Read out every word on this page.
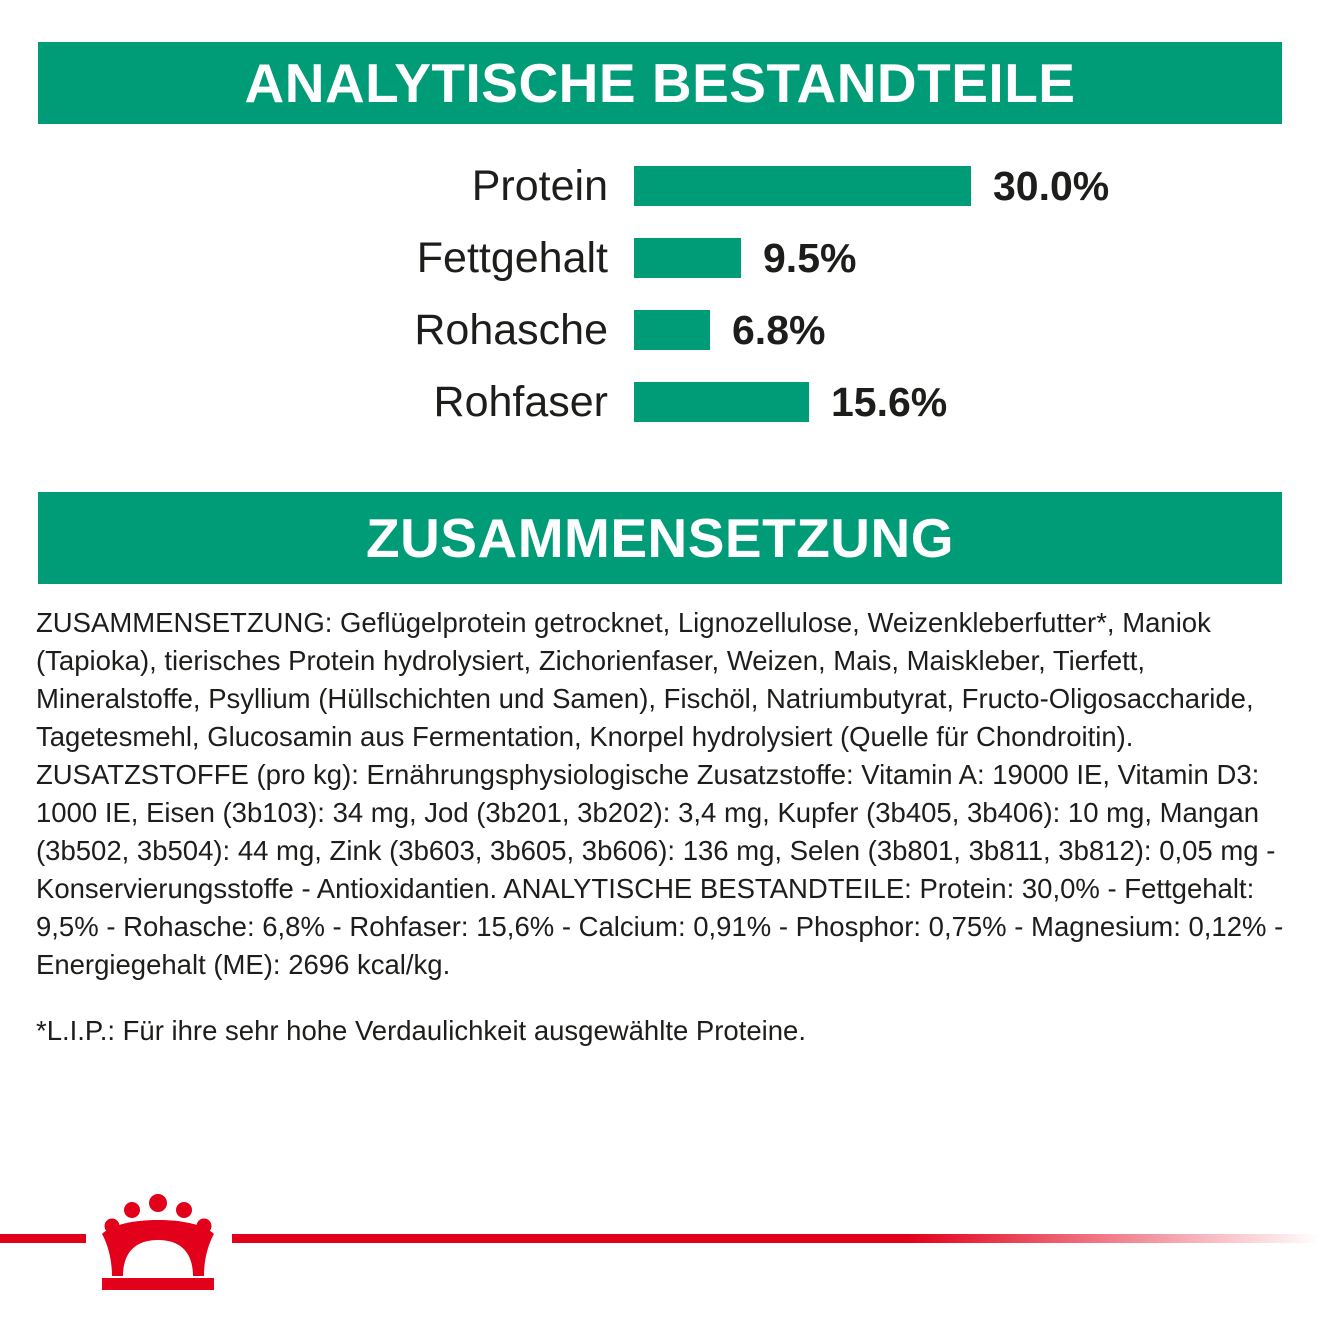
ANALYTISCHE BESTANDTEILE
Protein	30.0%
Fettgehalt	9.5%
Rohasche	6.8%
Rohfaser	15.6%
ZUSAMMENSETZUNG

ZUSAMMENSETZUNG: Geflügelprotein getrocknet, Lignozellulose, Weizenkleberfutter*, Maniok (Tapioka), tierisches Protein hydrolysiert, Zichorienfaser, Weizen, Mais, Maiskleber, Tierfett, Mineralstoffe, Psyllium (Hüllschichten und Samen), Fischöl, Natriumbutyrat, Fructo-Oligosaccharide, Tagetesmehl, Glucosamin aus Fermentation, Knorpel hydrolysiert (Quelle für Chondroitin). ZUSATZSTOFFE (pro kg): Ernährungsphysiologische Zusatzstoffe: Vitamin A: 19000 IE, Vitamin D3: 1000 IE, Eisen (3b103): 34 mg, Jod (3b201, 3b202): 3,4 mg, Kupfer (3b405, 3b406): 10 mg, Mangan (3b502, 3b504): 44 mg, Zink (3b603, 3b605, 3b606): 136 mg, Selen (3b801, 3b811, 3b812): 0,05 mg - Konservierungsstoffe - Antioxidantien. ANALYTISCHE BESTANDTEILE: Protein: 30,0% - Fettgehalt: 9,5% - Rohasche: 6,8% - Rohfaser: 15,6% - Calcium: 0,91% - Phosphor: 0,75% - Magnesium: 0,12% - Energiegehalt (ME): 2696 kcal/kg.

*L.I.P.: Für ihre sehr hohe Verdaulichkeit ausgewählte Proteine.
